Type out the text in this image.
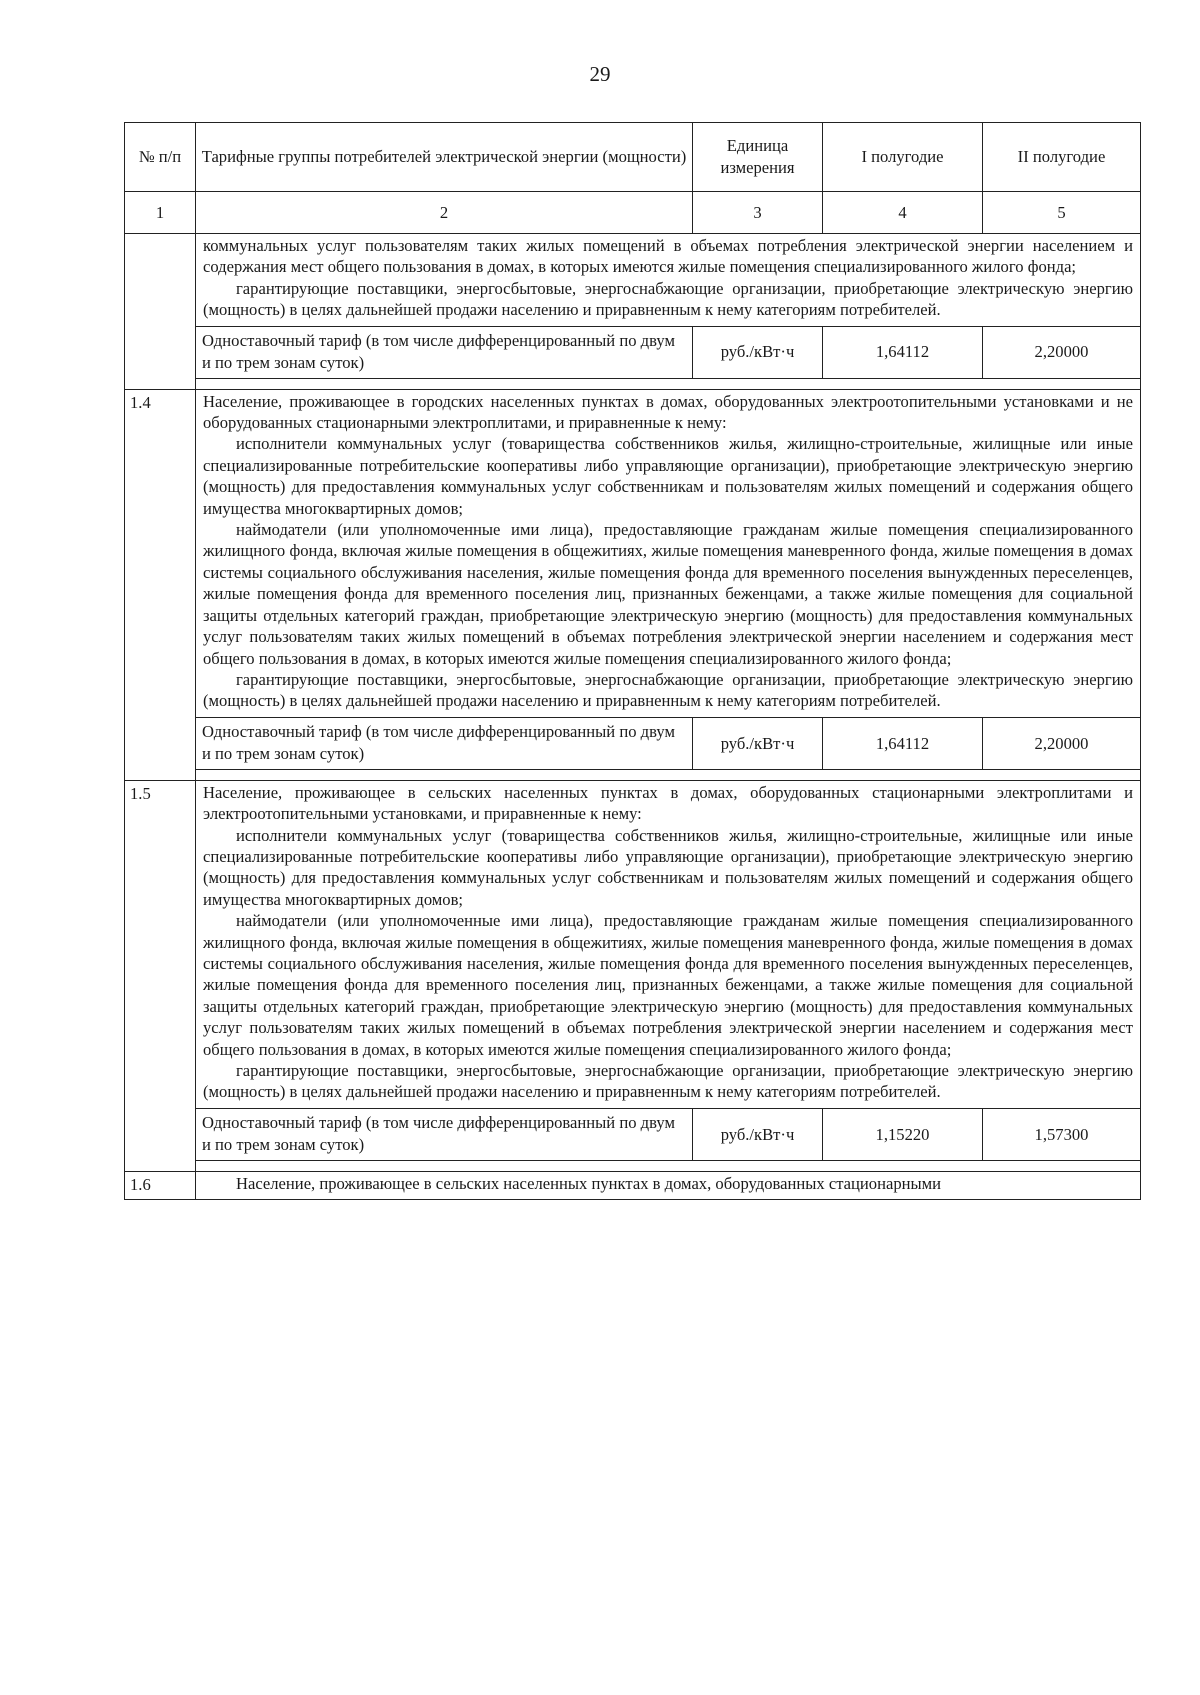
29
№ п/п	Тарифные группы потребителей электрической энергии (мощности)	Единица измерения	I полугодие	II полугодие
1	2	3	4	5

	коммунальных услуг пользователям таких жилых помещений в объемах потребления электрической энергии населением и содержания мест общего пользования в домах, в которых имеются жилые помещения специализированного жилого фонда;

гарантирующие поставщики, энергосбытовые, энергоснабжающие организации, приобретающие электрическую энергию (мощность) в целях дальнейшей продажи населению и приравненным к нему категориям потребителей.			

	Одноставочный тариф (в том числе дифференцированный по двум и по трем зонам суток)	руб./кВт·ч	1,64112	2,20000

1.4	Население, проживающее в городских населенных пунктах в домах, оборудованных электроотопительными установками и не оборудованных стационарными электроплитами, и приравненные к нему:

исполнители коммунальных услуг (товарищества собственников жилья, жилищно-строительные, жилищные или иные специализированные потребительские кооперативы либо управляющие организации), приобретающие электрическую энергию (мощность) для предоставления коммунальных услуг собственникам и пользователям жилых помещений и содержания общего имущества многоквартирных домов;

наймодатели (или уполномоченные ими лица), предоставляющие гражданам жилые помещения специализированного жилищного фонда, включая жилые помещения в общежитиях, жилые помещения маневренного фонда, жилые помещения в домах системы социального обслуживания населения, жилые помещения фонда для временного поселения вынужденных переселенцев, жилые помещения фонда для временного поселения лиц, признанных беженцами, а также жилые помещения для социальной защиты отдельных категорий граждан, приобретающие электрическую энергию (мощность) для предоставления коммунальных услуг пользователям таких жилых помещений в объемах потребления электрической энергии населением и содержания мест общего пользования в домах, в которых имеются жилые помещения специализированного жилого фонда;

гарантирующие поставщики, энергосбытовые, энергоснабжающие организации, приобретающие электрическую энергию (мощность) в целях дальнейшей продажи населению и приравненным к нему категориям потребителей.			

	Одноставочный тариф (в том числе дифференцированный по двум и по трем зонам суток)	руб./кВт·ч	1,64112	2,20000

1.5	Население, проживающее в сельских населенных пунктах в домах, оборудованных стационарными электроплитами и электроотопительными установками, и приравненные к нему:

исполнители коммунальных услуг (товарищества собственников жилья, жилищно-строительные, жилищные или иные специализированные потребительские кооперативы либо управляющие организации), приобретающие электрическую энергию (мощность) для предоставления коммунальных услуг собственникам и пользователям жилых помещений и содержания общего имущества многоквартирных домов;

наймодатели (или уполномоченные ими лица), предоставляющие гражданам жилые помещения специализированного жилищного фонда, включая жилые помещения в общежитиях, жилые помещения маневренного фонда, жилые помещения в домах системы социального обслуживания населения, жилые помещения фонда для временного поселения вынужденных переселенцев, жилые помещения фонда для временного поселения лиц, признанных беженцами, а также жилые помещения для социальной защиты отдельных категорий граждан, приобретающие электрическую энергию (мощность) для предоставления коммунальных услуг пользователям таких жилых помещений в объемах потребления электрической энергии населением и содержания мест общего пользования в домах, в которых имеются жилые помещения специализированного жилого фонда;

гарантирующие поставщики, энергосбытовые, энергоснабжающие организации, приобретающие электрическую энергию (мощность) в целях дальнейшей продажи населению и приравненным к нему категориям потребителей.			

	Одноставочный тариф (в том числе дифференцированный по двум и по трем зонам суток)	руб./кВт·ч	1,15220	1,57300

1.6	Население, проживающее в сельских населенных пунктах в домах, оборудованных стационарными			
